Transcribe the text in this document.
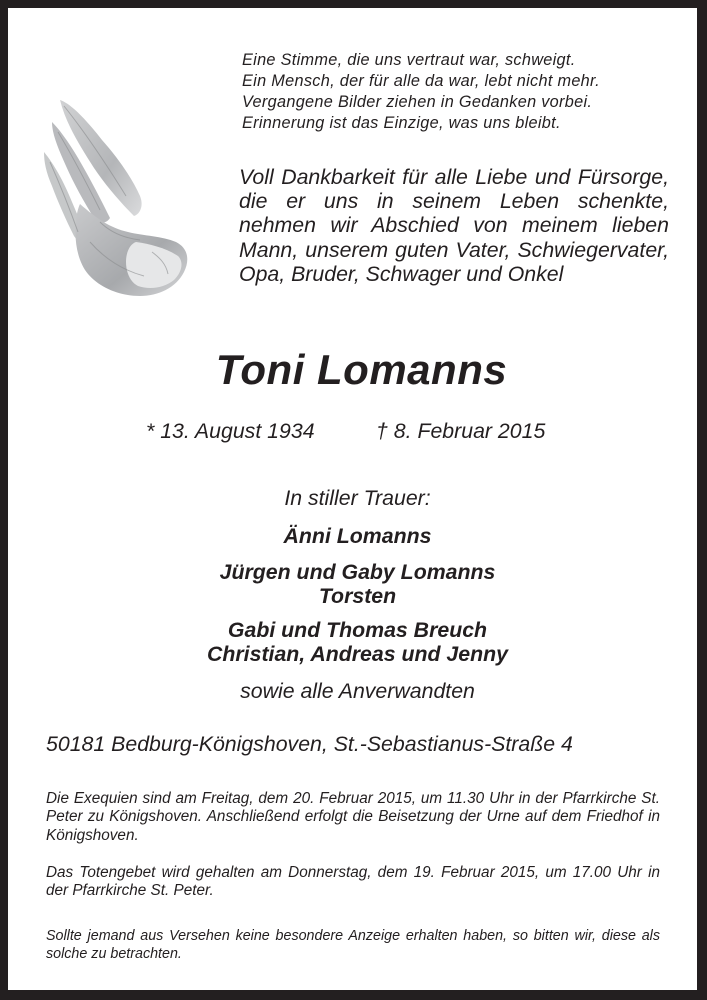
Eine Stimme, die uns vertraut war, schweigt.
Ein Mensch, der für alle da war, lebt nicht mehr.
Vergangene Bilder ziehen in Gedanken vorbei.
Erinnerung ist das Einzige, was uns bleibt.

Voll Dankbarkeit für alle Liebe und Fürsorge, die er uns in seinem Leben schenkte, nehmen wir Abschied von meinem lieben Mann, unserem guten Vater, Schwiegervater, Opa, Bruder, Schwager und Onkel

Toni Lomanns
* 13. August 1934	† 8. Februar 2015
In stiller Trauer:
Änni Lomanns
Jürgen und Gaby Lomanns
Torsten
Gabi und Thomas Breuch
Christian, Andreas und Jenny
sowie alle Anverwandten
50181 Bedburg-Königshoven, St.-Sebastianus-Straße 4

Die Exequien sind am Freitag, dem 20. Februar 2015, um 11.30 Uhr in der Pfarrkirche St. Peter zu Königshoven. Anschließend erfolgt die Beisetzung der Urne auf dem Friedhof in Königshoven.

Das Totengebet wird gehalten am Donnerstag, dem 19. Februar 2015, um 17.00 Uhr in der Pfarrkirche St. Peter.

Sollte jemand aus Versehen keine besondere Anzeige erhalten haben, so bitten wir, diese als solche zu betrachten.
